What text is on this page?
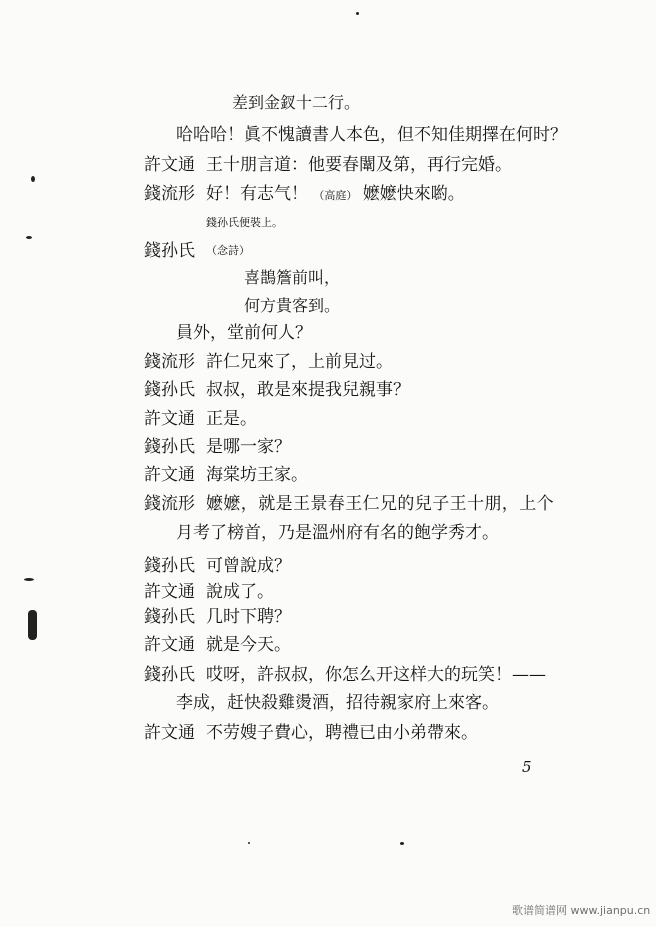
差到金釵十二行。
哈哈哈！眞不愧讀書人本色，但不知佳期擇在何时？
許文通 王十朋言道：他要春闈及第，再行完婚。
錢流形 好！有志气！ （高庭） 嬷嬷快來喲。
錢孙氏便裝上。
錢孙氏 （念詩）
喜鵲簷前叫，
何方貴客到。
員外，堂前何人？
錢流形 許仁兄來了，上前見过。
錢孙氏 叔叔，敢是來提我兒親事？
許文通 正是。
錢孙氏 是哪一家？
許文通 海棠坊王家。
錢流形 嬷嬷，就是王景春王仁兄的兒子王十朋，上个
月考了榜首，乃是溫州府有名的飽学秀才。
錢孙氏 可曾說成？
許文通 說成了。
錢孙氏 几时下聘？
許文通 就是今天。
錢孙氏 哎呀，許叔叔，你怎么开这样大的玩笑！——
李成，赶快殺雞燙酒，招待親家府上來客。
許文通 不劳嫂子費心，聘禮已由小弟帶來。
5
歌谱简谱网 www.jianpu.cn
